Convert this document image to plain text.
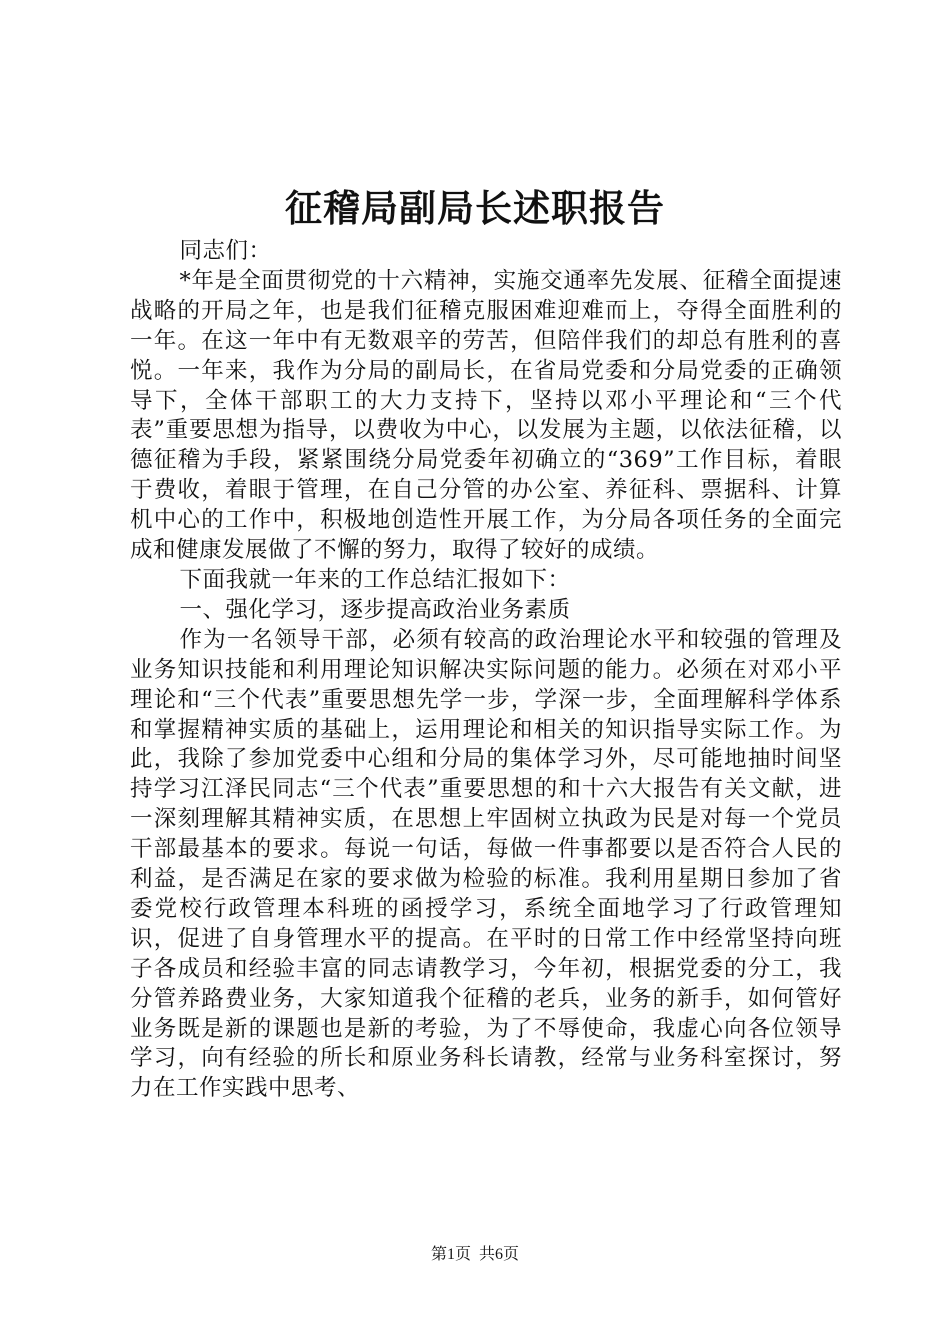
征稽局副局长述职报告

同志们：

*年是全面贯彻党的十六精神，实施交通率先发展、征稽全面提速战略的开局之年，也是我们征稽克服困难迎难而上，夺得全面胜利的一年。在这一年中有无数艰辛的劳苦，但陪伴我们的却总有胜利的喜悦。一年来，我作为分局的副局长，在省局党委和分局党委的正确领导下，全体干部职工的大力支持下，坚持以邓小平理论和“三个代表”重要思想为指导，以费收为中心，以发展为主题，以依法征稽，以德征稽为手段，紧紧围绕分局党委年初确立的“369”工作目标，着眼于费收，着眼于管理，在自己分管的办公室、养征科、票据科、计算机中心的工作中，积极地创造性开展工作，为分局各项任务的全面完成和健康发展做了不懈的努力，取得了较好的成绩。

下面我就一年来的工作总结汇报如下：

一、强化学习，逐步提高政治业务素质

作为一名领导干部，必须有较高的政治理论水平和较强的管理及业务知识技能和利用理论知识解决实际问题的能力。必须在对邓小平理论和“三个代表”重要思想先学一步，学深一步，全面理解科学体系和掌握精神实质的基础上，运用理论和相关的知识指导实际工作。为此，我除了参加党委中心组和分局的集体学习外，尽可能地抽时间坚持学习江泽民同志“三个代表”重要思想的和十六大报告有关文献，进一深刻理解其精神实质，在思想上牢固树立执政为民是对每一个党员干部最基本的要求。每说一句话，每做一件事都要以是否符合人民的利益，是否满足在家的要求做为检验的标准。我利用星期日参加了省委党校行政管理本科班的函授学习，系统全面地学习了行政管理知识，促进了自身管理水平的提高。在平时的日常工作中经常坚持向班子各成员和经验丰富的同志请教学习，今年初，根据党委的分工，我分管养路费业务，大家知道我个征稽的老兵，业务的新手，如何管好业务既是新的课题也是新的考验，为了不辱使命，我虚心向各位领导学习，向有经验的所长和原业务科长请教，经常与业务科室探讨，努力在工作实践中思考、

第1页 共6页
